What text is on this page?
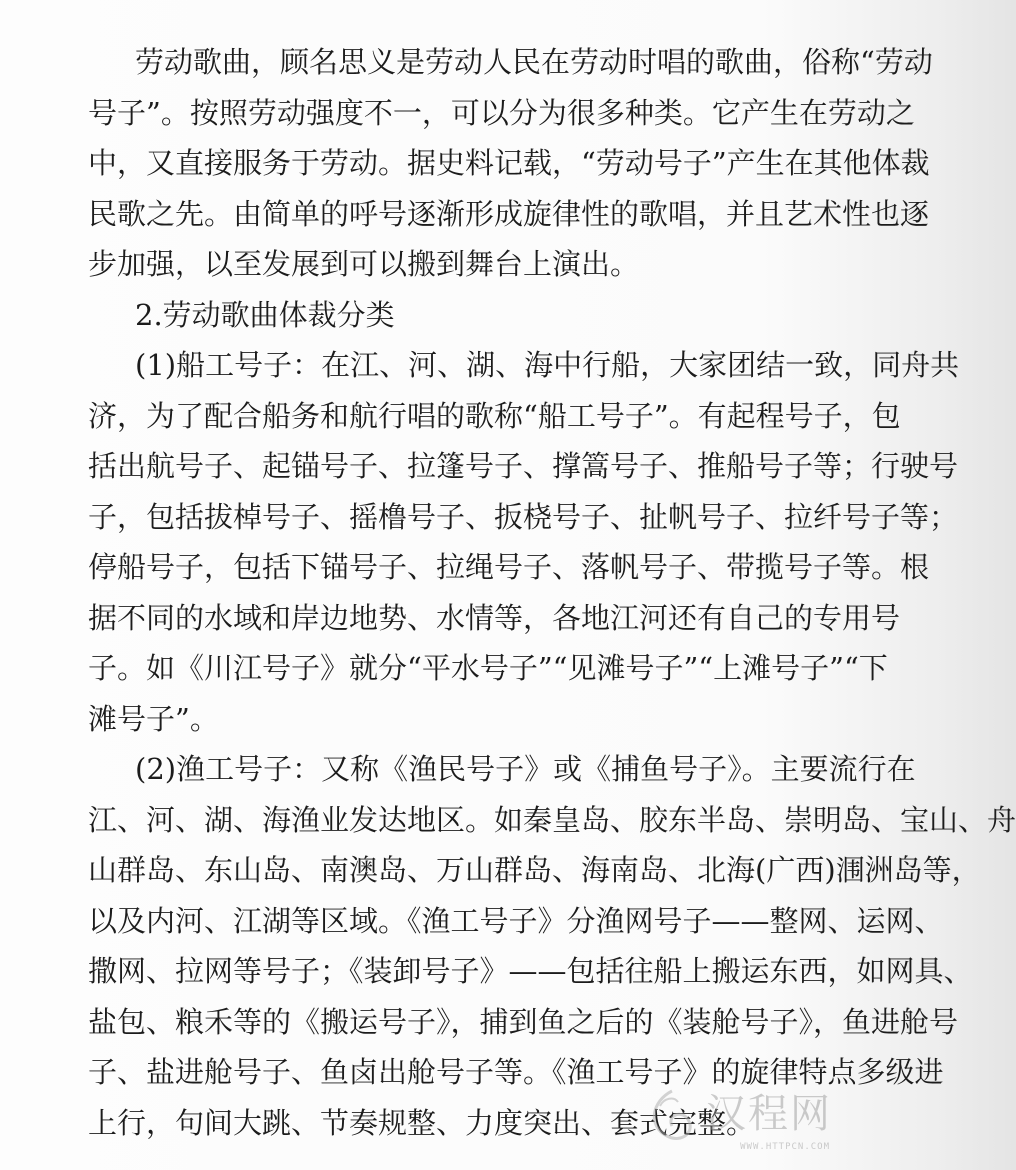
劳动歌曲，顾名思义是劳动人民在劳动时唱的歌曲，俗称“劳动
号子”。按照劳动强度不一，可以分为很多种类。它产生在劳动之
中，又直接服务于劳动。据史料记载，“劳动号子”产生在其他体裁
民歌之先。由简单的呼号逐渐形成旋律性的歌唱，并且艺术性也逐
步加强，以至发展到可以搬到舞台上演出。
2.劳动歌曲体裁分类
(1)船工号子：在江、河、湖、海中行船，大家团结一致，同舟共
济，为了配合船务和航行唱的歌称“船工号子”。有起程号子，包
括出航号子、起锚号子、拉篷号子、撑篙号子、推船号子等；行驶号
子，包括拔棹号子、摇橹号子、扳桡号子、扯帆号子、拉纤号子等；
停船号子，包括下锚号子、拉绳号子、落帆号子、带揽号子等。根
据不同的水域和岸边地势、水情等，各地江河还有自己的专用号
子。如《川江号子》就分“平水号子”“见滩号子”“上滩号子”“下
滩号子”。
(2)渔工号子：又称《渔民号子》或《捕鱼号子》。主要流行在
江、河、湖、海渔业发达地区。如秦皇岛、胶东半岛、崇明岛、宝山、舟
山群岛、东山岛、南澳岛、万山群岛、海南岛、北海(广西)涠洲岛等，
以及内河、江湖等区域。《渔工号子》分渔网号子——整网、运网、
撒网、拉网等号子；《装卸号子》——包括往船上搬运东西，如网具、
盐包、粮禾等的《搬运号子》，捕到鱼之后的《装舱号子》，鱼进舱号
子、盐进舱号子、鱼卤出舱号子等。《渔工号子》的旋律特点多级进
上行，句间大跳、节奏规整、力度突出、套式完整。
汉程网
WWW.HTTPCN.COM
